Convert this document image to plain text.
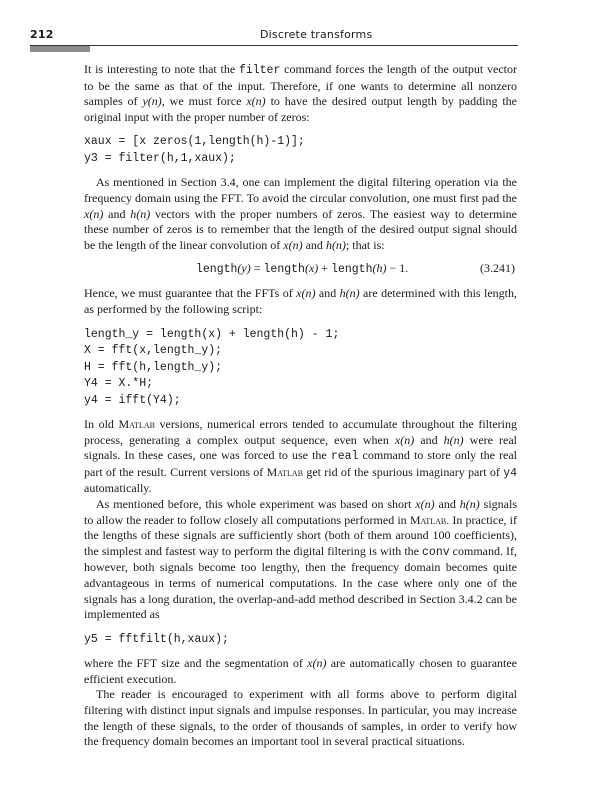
212	Discrete transforms

It is interesting to note that the filter command forces the length of the output vector to be the same as that of the input. Therefore, if one wants to determine all nonzero samples of y(n), we must force x(n) to have the desired output length by padding the original input with the proper number of zeros:

xaux = [x zeros(1,length(h)-1)];
y3 = filter(h,1,xaux);

As mentioned in Section 3.4, one can implement the digital filtering operation via the frequency domain using the FFT. To avoid the circular convolution, one must first pad the x(n) and h(n) vectors with the proper numbers of zeros. The easiest way to determine these number of zeros is to remember that the length of the desired output signal should be the length of the linear convolution of x(n) and h(n); that is:

length(y) = length(x) + length(h) − 1.	(3.241)

Hence, we must guarantee that the FFTs of x(n) and h(n) are determined with this length, as performed by the following script:

length_y = length(x) + length(h) - 1;
X = fft(x,length_y);
H = fft(h,length_y);
Y4 = X.*H;
y4 = ifft(Y4);

In old Matlab versions, numerical errors tended to accumulate throughout the filtering process, generating a complex output sequence, even when x(n) and h(n) were real signals. In these cases, one was forced to use the real command to store only the real part of the result. Current versions of Matlab get rid of the spurious imaginary part of y4 automatically.

As mentioned before, this whole experiment was based on short x(n) and h(n) signals to allow the reader to follow closely all computations performed in Matlab. In practice, if the lengths of these signals are sufficiently short (both of them around 100 coefficients), the simplest and fastest way to perform the digital filtering is with the conv command. If, however, both signals become too lengthy, then the frequency domain becomes quite advantageous in terms of numerical computations. In the case where only one of the signals has a long duration, the overlap-and-add method described in Section 3.4.2 can be implemented as

y5 = fftfilt(h,xaux);

where the FFT size and the segmentation of x(n) are automatically chosen to guarantee efficient execution.

The reader is encouraged to experiment with all forms above to perform digital filtering with distinct input signals and impulse responses. In particular, you may increase the length of these signals, to the order of thousands of samples, in order to verify how the frequency domain becomes an important tool in several practical situations.
